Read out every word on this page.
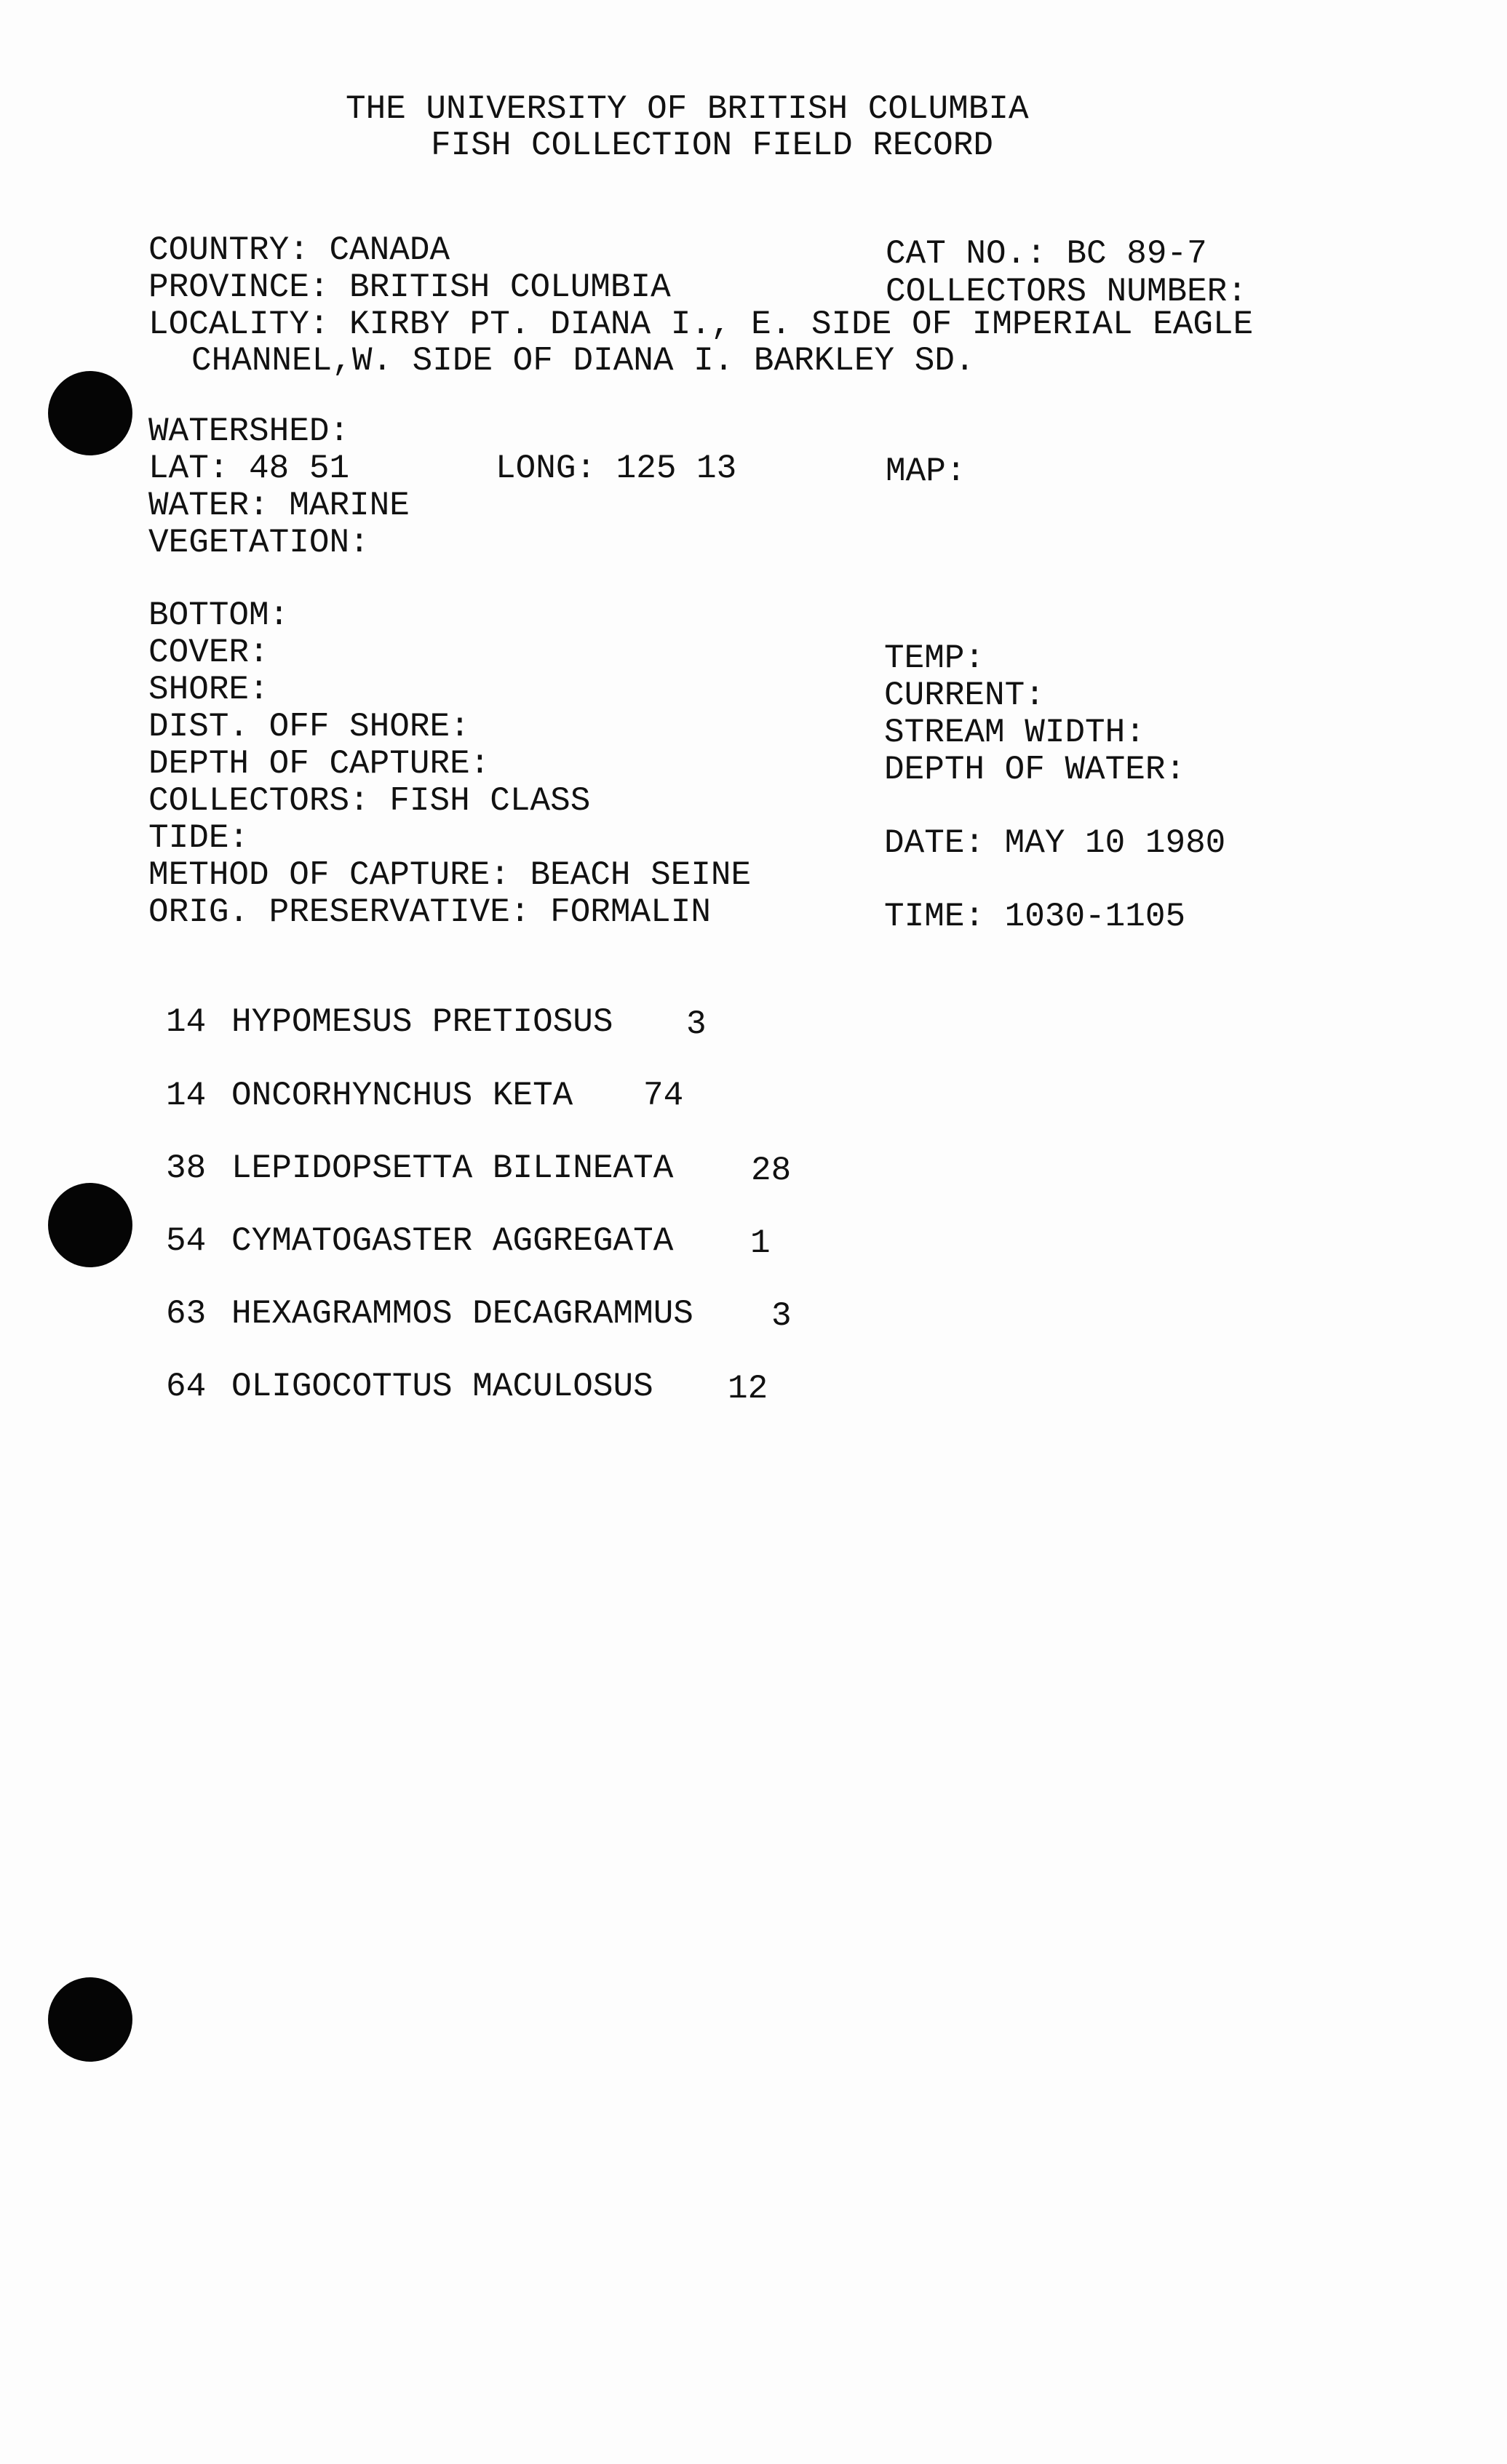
THE UNIVERSITY OF BRITISH COLUMBIA
FISH COLLECTION FIELD RECORD
COUNTRY: CANADA
PROVINCE: BRITISH COLUMBIA
LOCALITY: KIRBY PT. DIANA I., E. SIDE OF IMPERIAL EAGLE
CHANNEL,W. SIDE OF DIANA I. BARKLEY SD.
CAT NO.: BC 89-7
COLLECTORS NUMBER:
WATERSHED:
LAT: 48 51	LONG: 125 13	MAP:
WATER: MARINE
VEGETATION:
BOTTOM:
COVER:
SHORE:
DIST. OFF SHORE:
DEPTH OF CAPTURE:
COLLECTORS: FISH CLASS
TIDE:
METHOD OF CAPTURE: BEACH SEINE
ORIG. PRESERVATIVE: FORMALIN
TEMP:
CURRENT:
STREAM WIDTH:
DEPTH OF WATER:
DATE: MAY 10 1980
TIME: 1030-1105
14 HYPOMESUS PRETIOSUS 3
14 ONCORHYNCHUS KETA 74
38 LEPIDOPSETTA BILINEATA 28
54 CYMATOGASTER AGGREGATA 1
63 HEXAGRAMMOS DECAGRAMMUS 3
64 OLIGOCOTTUS MACULOSUS 12
